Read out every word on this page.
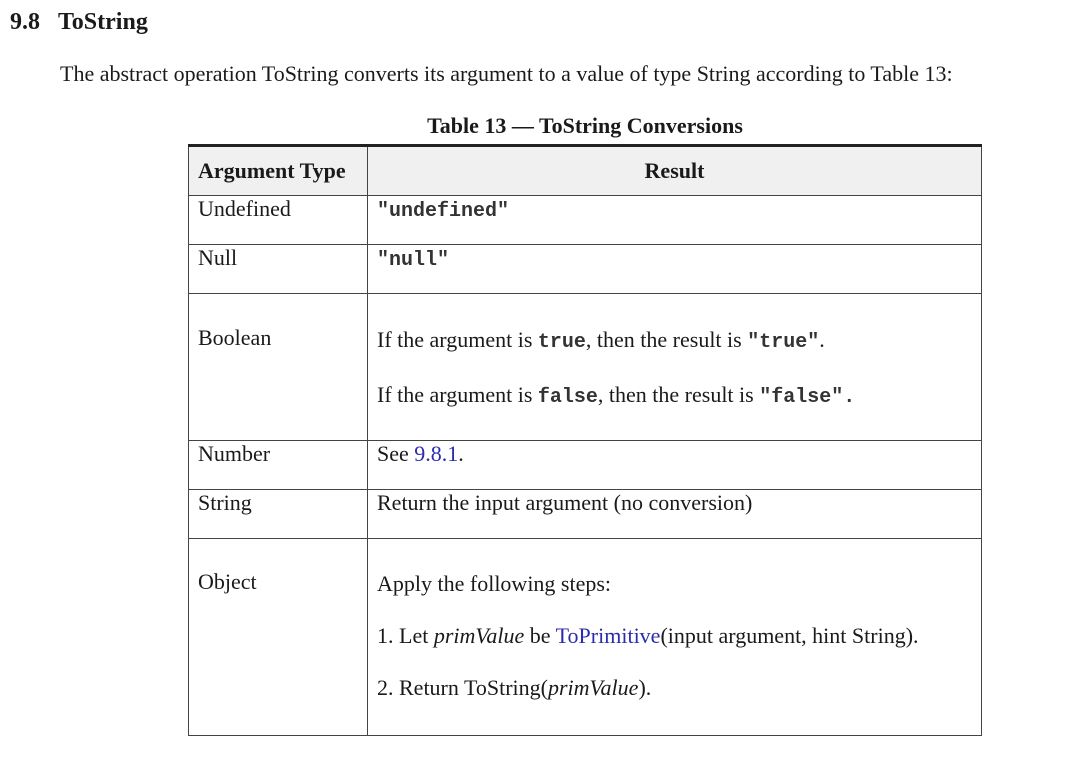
9.8 ToString

The abstract operation ToString converts its argument to a value of type String according to Table 13:

Table 13 — ToString Conversions

Argument Type	Result
Undefined	"undefined"
Null	"null"
Boolean	If the argument is true, then the result is "true".
If the argument is false, then the result is "false".

Number	See 9.8.1.
String	Return the input argument (no conversion)
Object	Apply the following steps:
1. Let primValue be ToPrimitive(input argument, hint String).
2. Return ToString(primValue).
